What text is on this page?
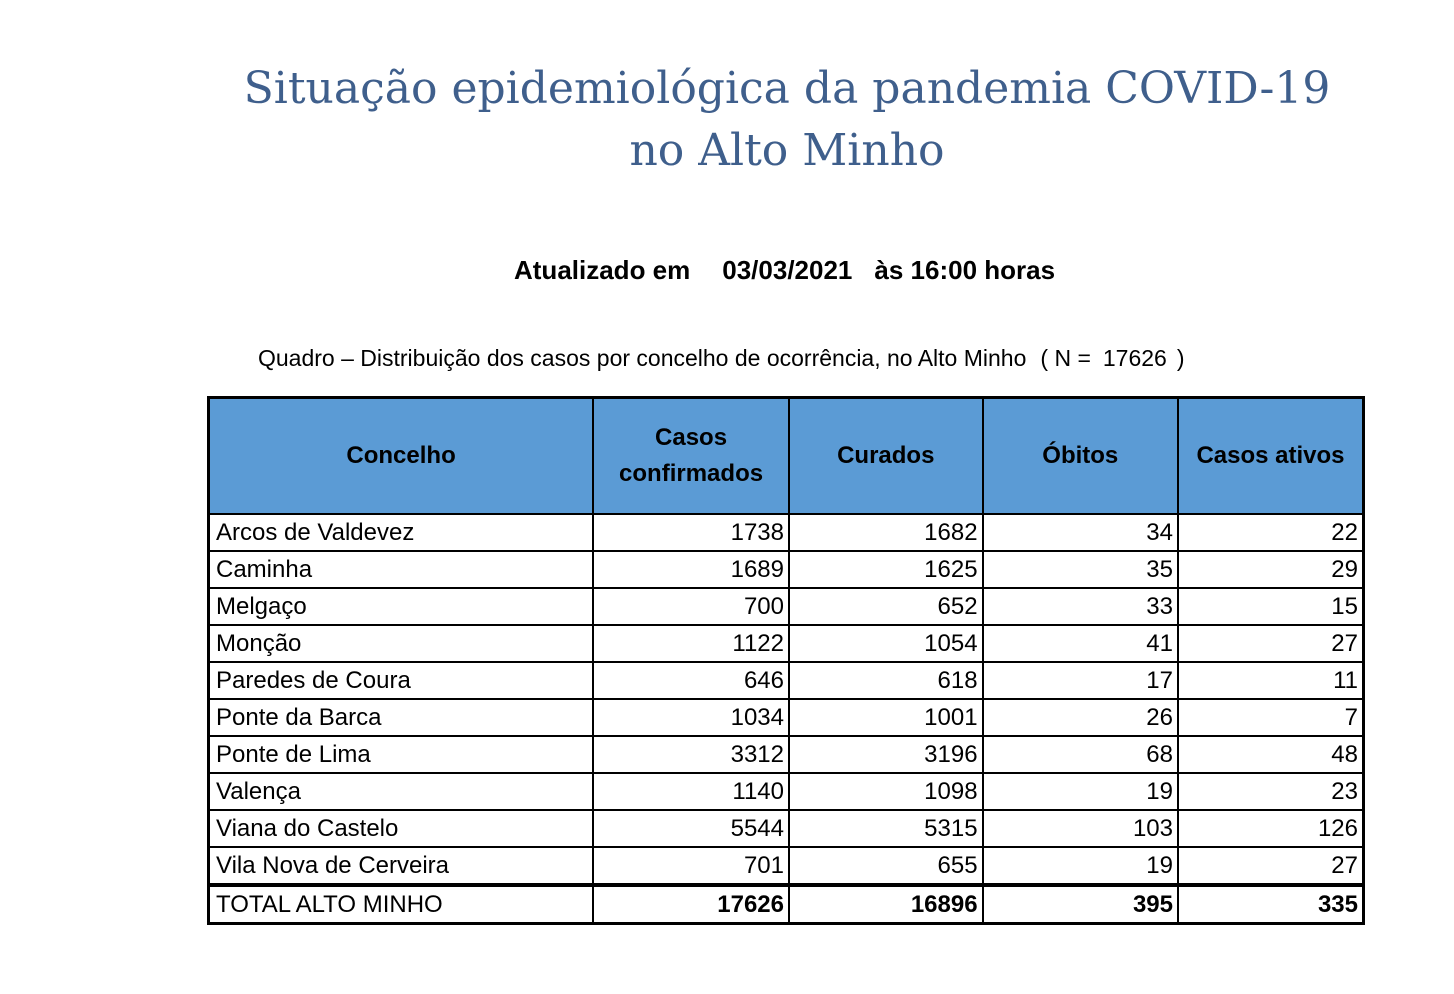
Situação epidemiológica da pandemia COVID-19
no Alto Minho
Atualizado em 03/03/2021 às 16:00 horas
Quadro – Distribuição dos casos por concelho de ocorrência, no Alto Minho ( N = 17626 )
Concelho	Casos confirmados	Curados	Óbitos	Casos ativos
Arcos de Valdevez	1738	1682	34	22
Caminha	1689	1625	35	29
Melgaço	700	652	33	15
Monção	1122	1054	41	27
Paredes de Coura	646	618	17	11
Ponte da Barca	1034	1001	26	7
Ponte de Lima	3312	3196	68	48
Valença	1140	1098	19	23
Viana do Castelo	5544	5315	103	126
Vila Nova de Cerveira	701	655	19	27
TOTAL ALTO MINHO	17626	16896	395	335
